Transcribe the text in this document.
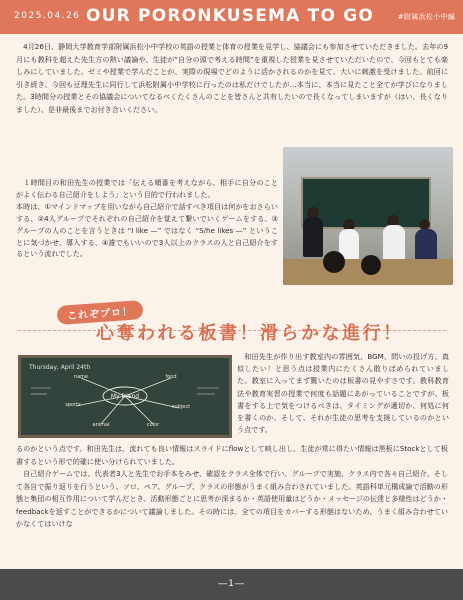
2025.04.26 OUR PORONKUSEMA TO GO	#附属浜松小中編
　4月26日、静岡大学教育学部附属浜松小中学校の英語の授業と体育の授業を見学し、協議会にも参加させていただきました。去年の9月にも教科を超えた先生方の熱い議論や、生徒が“自分の頭で考える時間”を重視した授業を見させていただいたので、今回もとても楽しみにしていました。ゼミや授業で学んだことが、実際の現場でどのように活かされるのかを見て、大いに刺激を受けました。前回に引き続き、今回も豆理先生に同行して浜松附属小中学校に行ったのは私だけでしたが…本当に、本当に見たこと全てが学びになりました。3時間分の授業とその協議会についてなるべくたくさんのことを皆さんと共有したいので長くなってしまいますが（はい、長くなりました）、是非最後までお付き合いください。

　１時間目の和田先生の授業では「伝える順番を考えながら、相手に自分のことがよく伝わる自己紹介をしよう」という目的で行われました。

本時は、①マインドマップを用いながら自己紹介で話すべき項目は何かをおさらいする、②4人グループでそれぞれの自己紹介を覚えて繋いでいくゲームをする、③グループの人のことを言うときは “I like —” ではなく “S/he likes —” ということに気づかせ、導入する、④誰でもいいので3人以上のクラスの人と自己紹介をするという流れでした。

これぞプロ！
心奪われる板書！滑らかな進行！
Thursday, April 24th
My friend
name	food
sports	subject
animal	color
　和田先生が作り出す教室内の雰囲気、BGM、問いの投げ方、真似したい！と思う点は授業内にたくさん散りばめられていました。教室に入ってまず驚いたのは板書の見やすさです。教科教育法や教育実習の授業で何度も話題にあがっていることですが、板書をする上で気をつけるべきは、タイミングが適切か、何処に何を書くのか、そして、それが生徒の思考を支援しているのかという点です。
るのかという点です。和田先生は、流れても良い情報はスライドにflowとして映し出し、生徒が常に得たい情報は黒板にStockとして板書するという形で的確に使い分けられていました。
　自己紹介ゲームでは、代表者3人と先生でお手本をみせ、確認をクラス全体で行い、グループで実施、クラス内で各々自己紹介、そして各自で振り返りを行うという、ソロ、ペア、グループ、クラスの形態がうまく組み合わされていました。英語科単元構成論で活動の形態と集団の相互作用について学んだとき、活動形態ごとに思考が深まるか・英語使用量はどうか・メッセージの伝達と多様性はどうか・feedbackを返すことができるかについて議論しました。その時には、全ての項目をカバーする形態はないため、うまく組み合わせていかなくてはいけな
―1―
